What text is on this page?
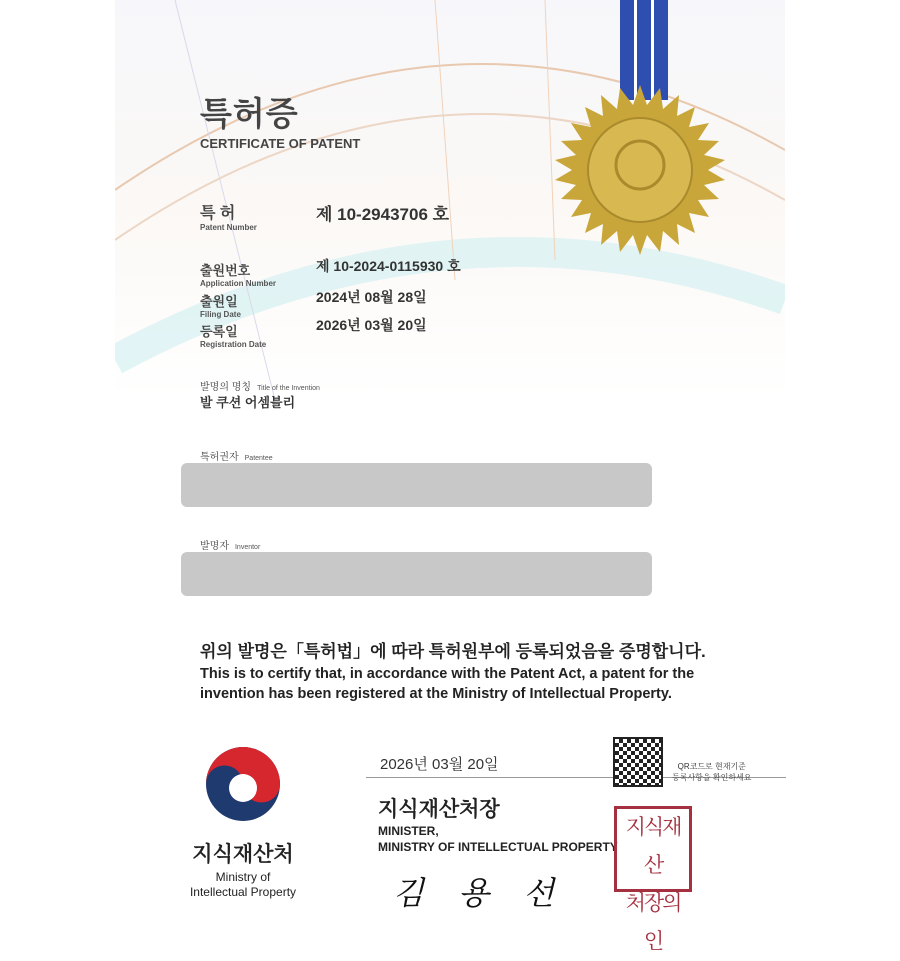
특허증
CERTIFICATE OF PATENT
특 허
Patent Number
제 10-2943706 호
출원번호
Application Number
제 10-2024-0115930 호
출원일
Filing Date
2024년 08월 28일
등록일
Registration Date
2026년 03월 20일
발명의 명칭 Title of the Invention
발 쿠션 어셈블리
특허권자 Patentee
발명자 Inventor
위의 발명은「특허법」에 따라 특허원부에 등록되었음을 증명합니다.
This is to certify that, in accordance with the Patent Act, a patent for the
invention has been registered at the Ministry of Intellectual Property.
지식재산처
Ministry of
Intellectual Property
2026년 03월 20일	QR코드로 현재기준
등록사항을 확인하세요
지식재산처장
MINISTER,
MINISTRY OF INTELLECTUAL PROPERTY
김 용 선
지식재산
처장의인
